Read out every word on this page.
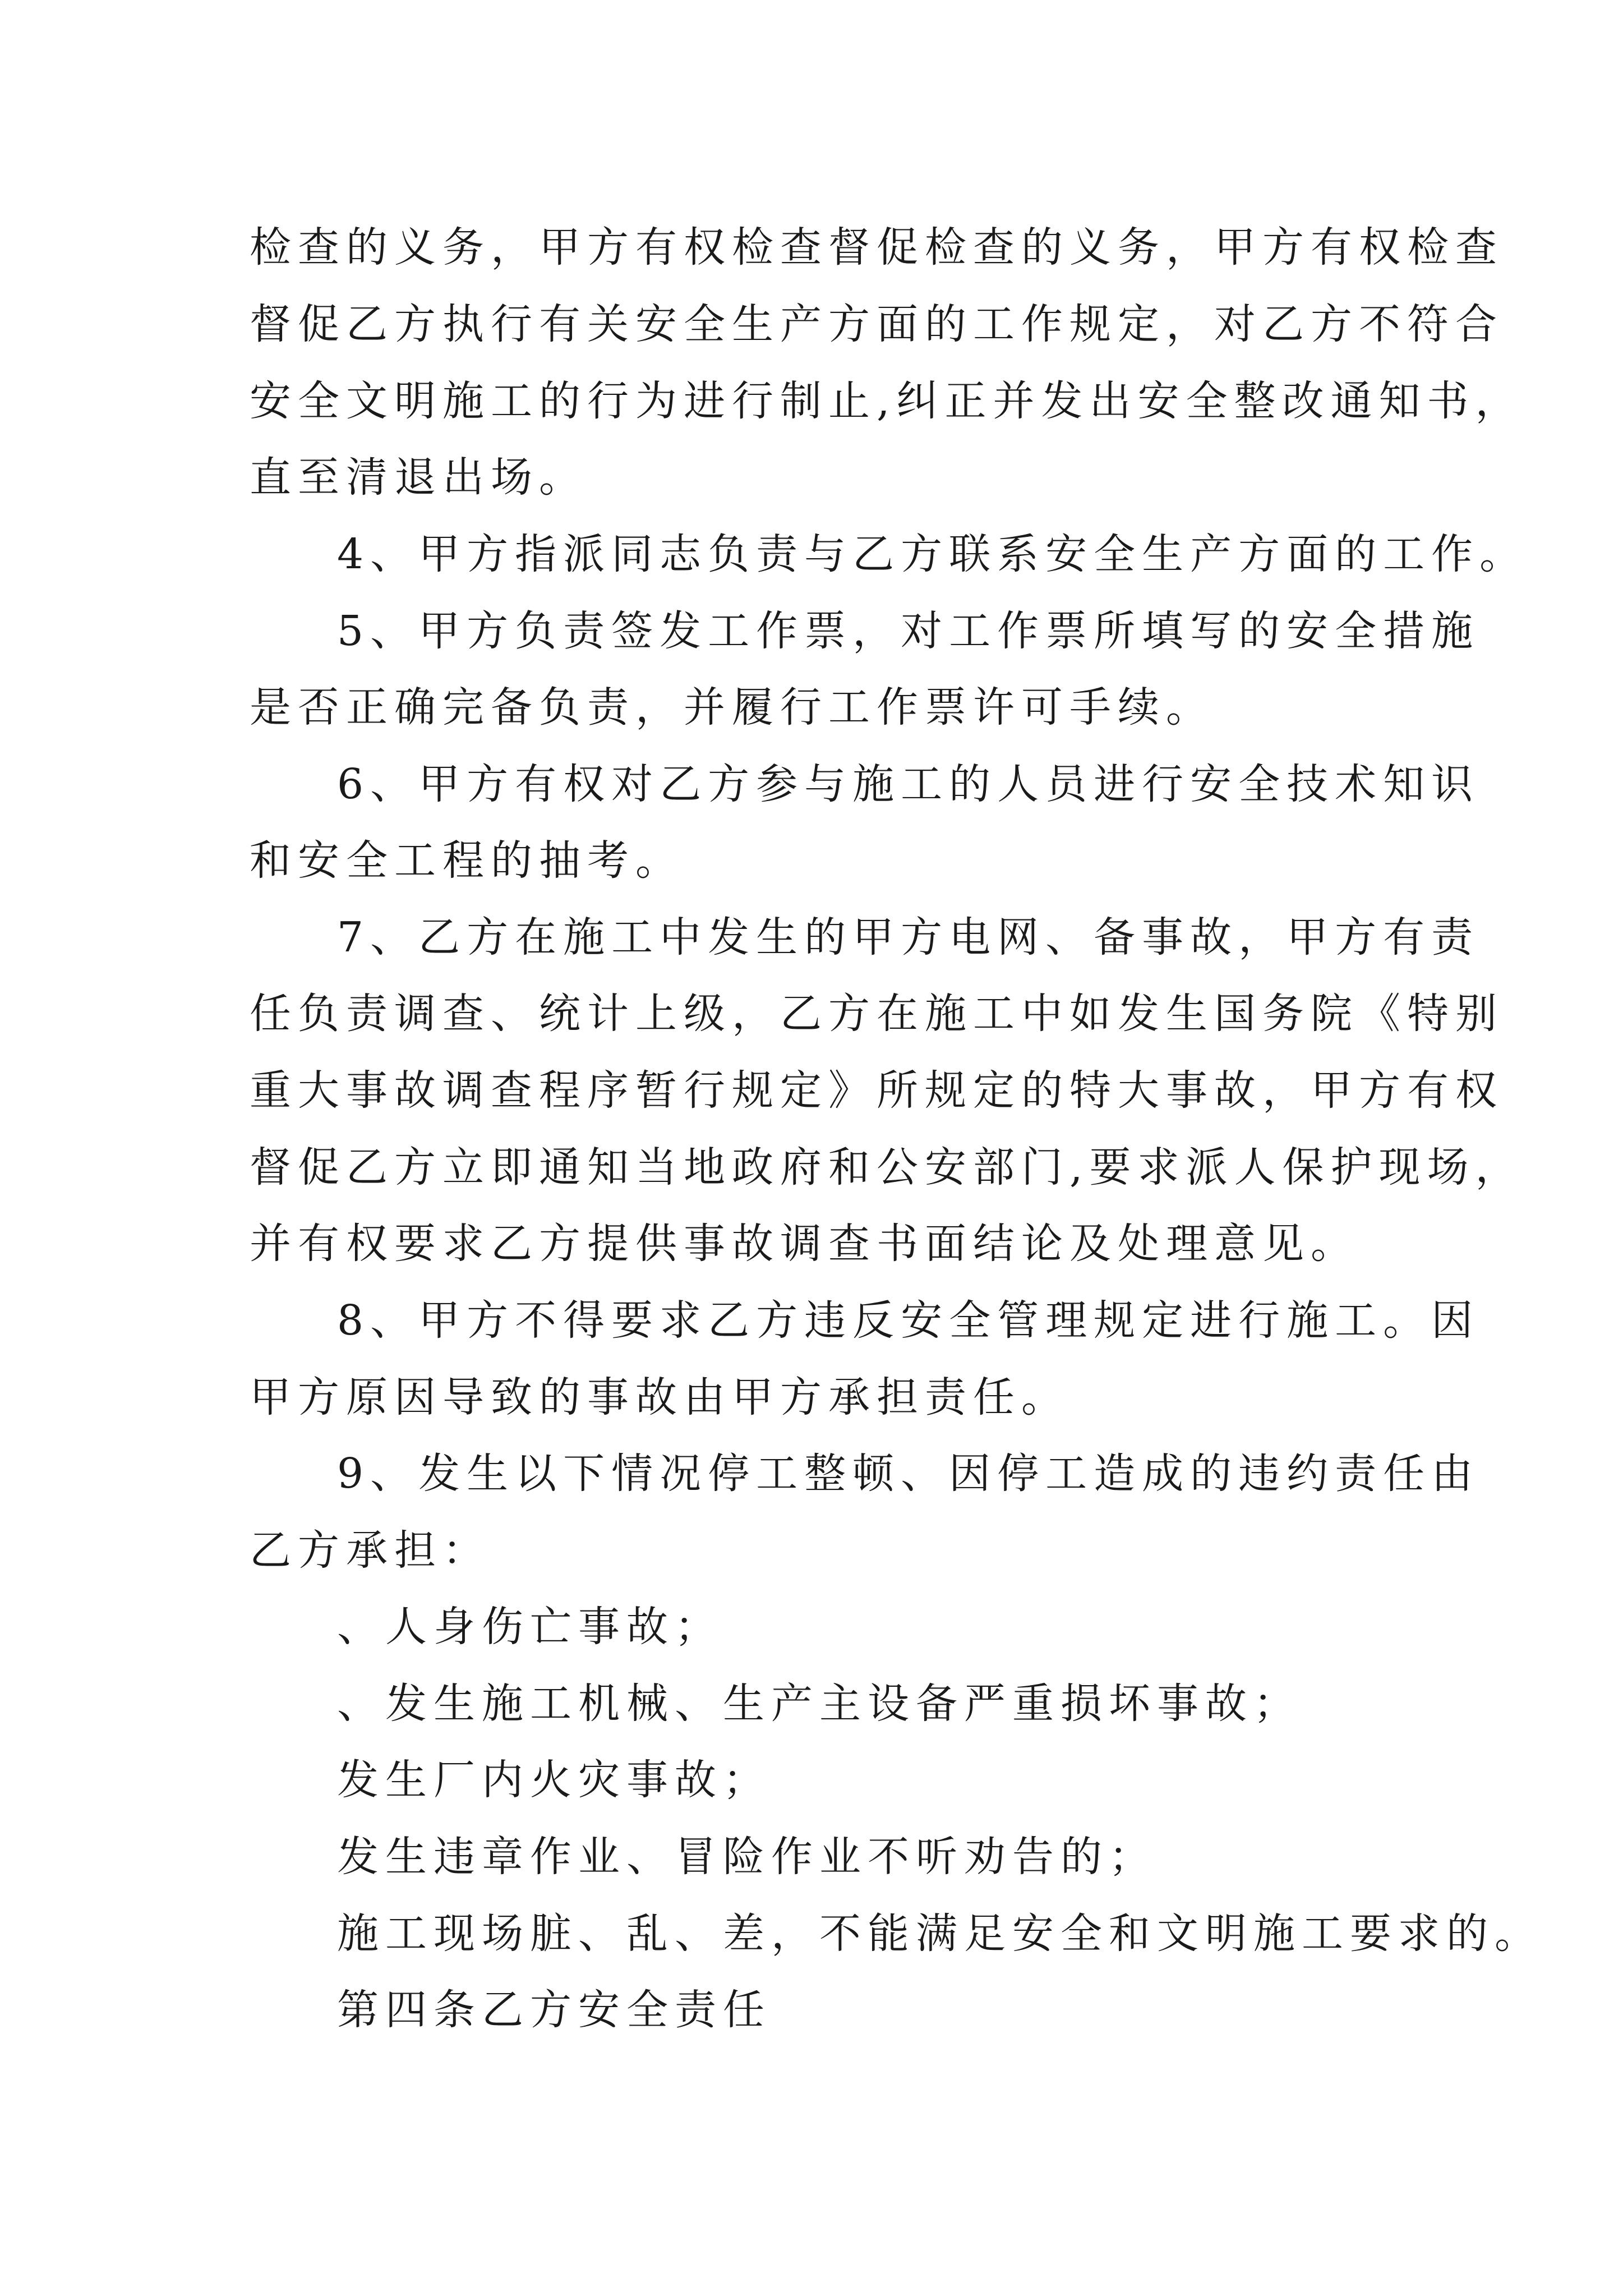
检查的义务，甲方有权检查督促检查的义务，甲方有权检查
督促乙方执行有关安全生产方面的工作规定，对乙方不符合
安全文明施工的行为进行制止,纠正并发出安全整改通知书，
直至清退出场。
4、甲方指派同志负责与乙方联系安全生产方面的工作。
5、甲方负责签发工作票，对工作票所填写的安全措施
是否正确完备负责，并履行工作票许可手续。
6、甲方有权对乙方参与施工的人员进行安全技术知识
和安全工程的抽考。
7、乙方在施工中发生的甲方电网、备事故，甲方有责
任负责调查、统计上级，乙方在施工中如发生国务院《特别
重大事故调查程序暂行规定》所规定的特大事故，甲方有权
督促乙方立即通知当地政府和公安部门,要求派人保护现场，
并有权要求乙方提供事故调查书面结论及处理意见。
8、甲方不得要求乙方违反安全管理规定进行施工。因
甲方原因导致的事故由甲方承担责任。
9、发生以下情况停工整顿、因停工造成的违约责任由
乙方承担：
、人身伤亡事故；
、发生施工机械、生产主设备严重损坏事故；
发生厂内火灾事故；
发生违章作业、冒险作业不听劝告的；
施工现场脏、乱、差，不能满足安全和文明施工要求的。
第四条乙方安全责任
